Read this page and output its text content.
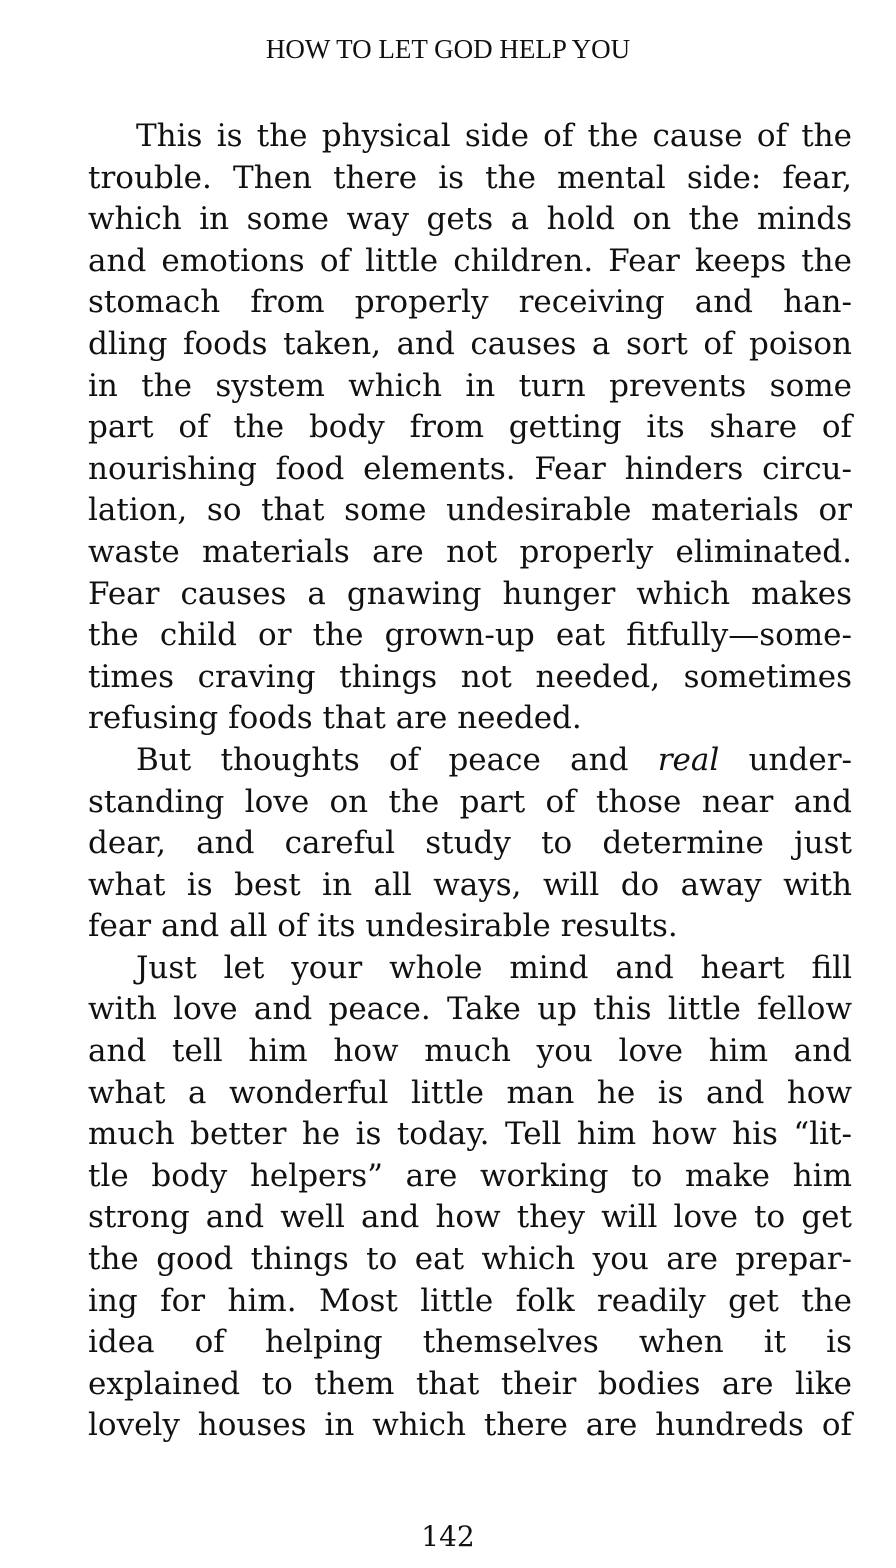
HOW TO LET GOD HELP YOU
This is the physical side of the cause of the
trouble. Then there is the mental side: fear,
which in some way gets a hold on the minds
and emotions of little children. Fear keeps the
stomach from properly receiving and han-
dling foods taken, and causes a sort of poison
in the system which in turn prevents some
part of the body from getting its share of
nourishing food elements. Fear hinders circu-
lation, so that some undesirable materials or
waste materials are not properly eliminated.
Fear causes a gnawing hunger which makes
the child or the grown-up eat fitfully—some-
times craving things not needed, sometimes
refusing foods that are needed.
But thoughts of peace and real under-
standing love on the part of those near and
dear, and careful study to determine just
what is best in all ways, will do away with
fear and all of its undesirable results.
Just let your whole mind and heart fill
with love and peace. Take up this little fellow
and tell him how much you love him and
what a wonderful little man he is and how
much better he is today. Tell him how his “lit-
tle body helpers” are working to make him
strong and well and how they will love to get
the good things to eat which you are prepar-
ing for him. Most little folk readily get the
idea of helping themselves when it is
explained to them that their bodies are like
lovely houses in which there are hundreds of
142
